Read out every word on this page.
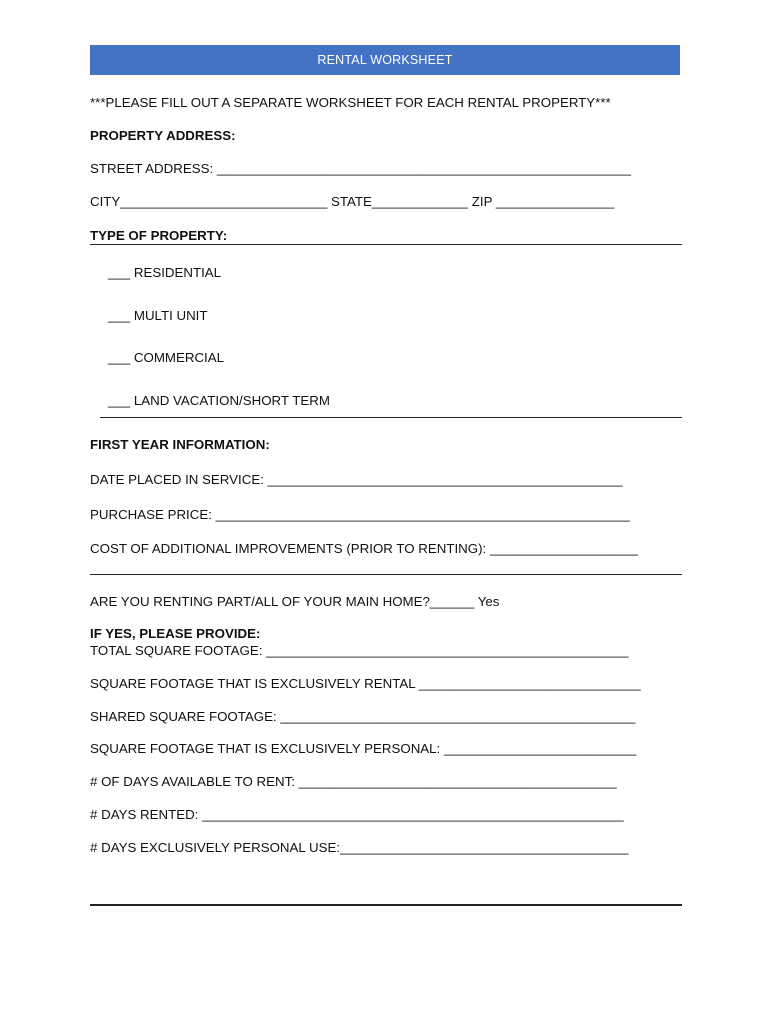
RENTAL WORKSHEET
***PLEASE FILL OUT A SEPARATE WORKSHEET FOR EACH RENTAL PROPERTY***
PROPERTY ADDRESS:
STREET ADDRESS: ________________________________________________________
CITY____________________________ STATE_____________ ZIP ________________
TYPE OF PROPERTY:
___ RESIDENTIAL
___ MULTI UNIT
___ COMMERCIAL
___ LAND VACATION/SHORT TERM
FIRST YEAR INFORMATION:
DATE PLACED IN SERVICE: ________________________________________________
PURCHASE PRICE: ________________________________________________________
COST OF ADDITIONAL IMPROVEMENTS (PRIOR TO RENTING): ____________________
ARE YOU RENTING PART/ALL OF YOUR MAIN HOME?______ Yes
IF YES, PLEASE PROVIDE:
TOTAL SQUARE FOOTAGE: _________________________________________________
SQUARE FOOTAGE THAT IS EXCLUSIVELY RENTAL ______________________________
SHARED SQUARE FOOTAGE: ________________________________________________
SQUARE FOOTAGE THAT IS EXCLUSIVELY PERSONAL: __________________________
# OF DAYS AVAILABLE TO RENT: ___________________________________________
# DAYS RENTED: _________________________________________________________
# DAYS EXCLUSIVELY PERSONAL USE:_______________________________________
